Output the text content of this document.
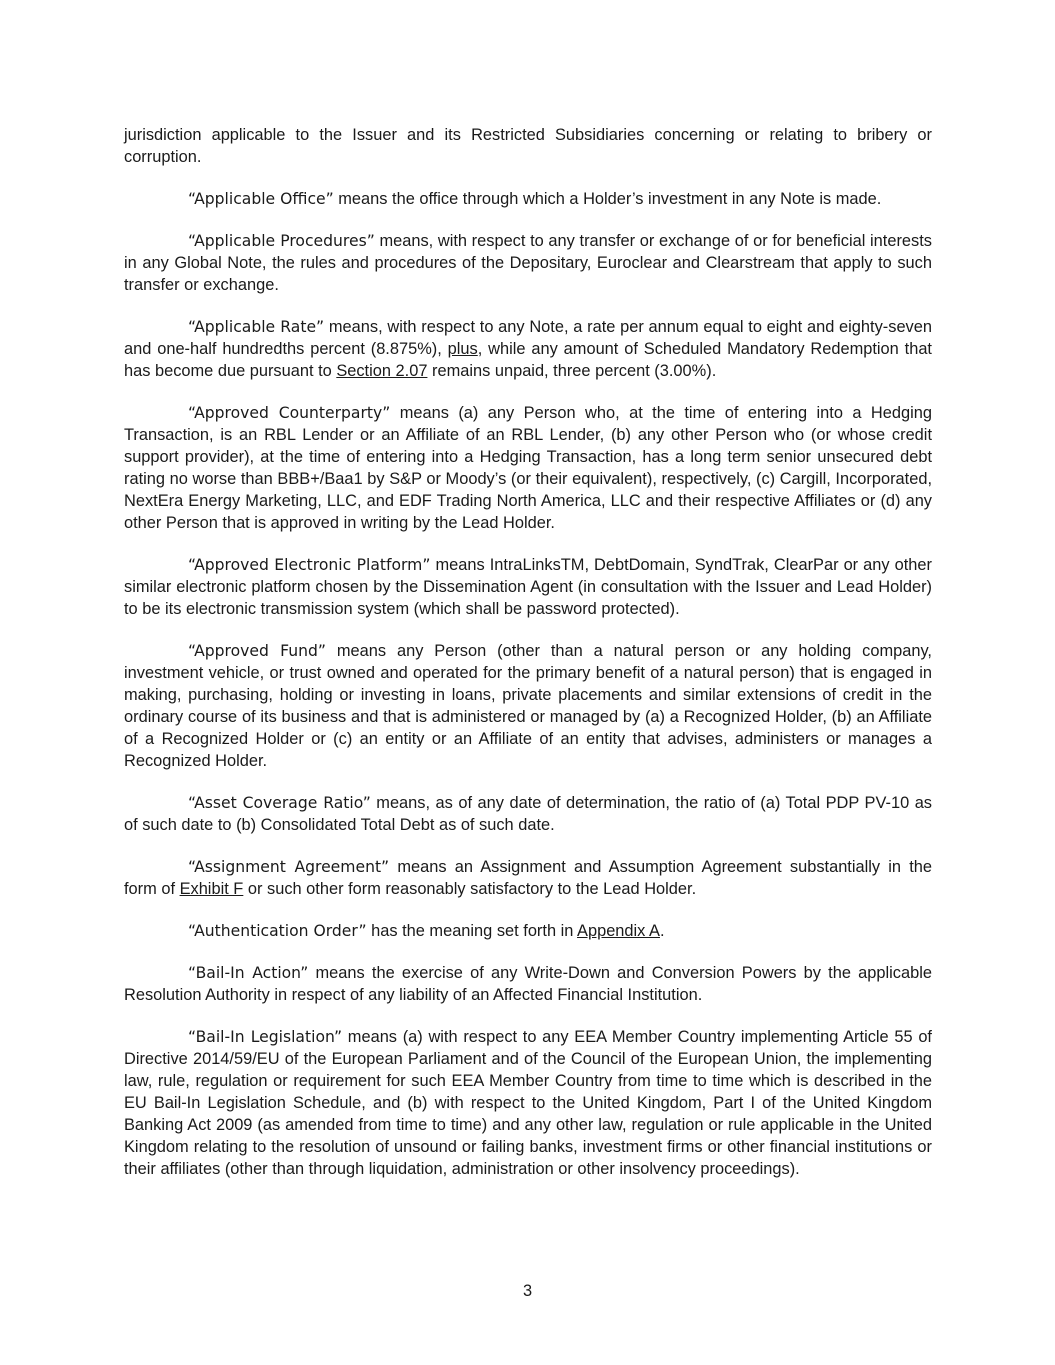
jurisdiction applicable to the Issuer and its Restricted Subsidiaries concerning or relating to bribery or corruption.

“Applicable Office” means the office through which a Holder’s investment in any Note is made.

“Applicable Procedures” means, with respect to any transfer or exchange of or for beneficial interests in any Global Note, the rules and procedures of the Depositary, Euroclear and Clearstream that apply to such transfer or exchange.

“Applicable Rate” means, with respect to any Note, a rate per annum equal to eight and eighty-seven and one-half hundredths percent (8.875%), plus, while any amount of Scheduled Mandatory Redemption that has become due pursuant to Section 2.07 remains unpaid, three percent (3.00%).

“Approved Counterparty” means (a) any Person who, at the time of entering into a Hedging Transaction, is an RBL Lender or an Affiliate of an RBL Lender, (b) any other Person who (or whose credit support provider), at the time of entering into a Hedging Transaction, has a long term senior unsecured debt rating no worse than BBB+/Baa1 by S&P or Moody’s (or their equivalent), respectively, (c) Cargill, Incorporated, NextEra Energy Marketing, LLC, and EDF Trading North America, LLC and their respective Affiliates or (d) any other Person that is approved in writing by the Lead Holder.

“Approved Electronic Platform” means IntraLinksTM, DebtDomain, SyndTrak, ClearPar or any other similar electronic platform chosen by the Dissemination Agent (in consultation with the Issuer and Lead Holder) to be its electronic transmission system (which shall be password protected).

“Approved Fund” means any Person (other than a natural person or any holding company, investment vehicle, or trust owned and operated for the primary benefit of a natural person) that is engaged in making, purchasing, holding or investing in loans, private placements and similar extensions of credit in the ordinary course of its business and that is administered or managed by (a) a Recognized Holder, (b) an Affiliate of a Recognized Holder or (c) an entity or an Affiliate of an entity that advises, administers or manages a Recognized Holder.

“Asset Coverage Ratio” means, as of any date of determination, the ratio of (a) Total PDP PV-10 as of such date to (b) Consolidated Total Debt as of such date.

“Assignment Agreement” means an Assignment and Assumption Agreement substantially in the form of Exhibit F or such other form reasonably satisfactory to the Lead Holder.

“Authentication Order” has the meaning set forth in Appendix A.

“Bail-In Action” means the exercise of any Write-Down and Conversion Powers by the applicable Resolution Authority in respect of any liability of an Affected Financial Institution.

“Bail-In Legislation” means (a) with respect to any EEA Member Country implementing Article 55 of Directive 2014/59/EU of the European Parliament and of the Council of the European Union, the implementing law, rule, regulation or requirement for such EEA Member Country from time to time which is described in the EU Bail-In Legislation Schedule, and (b) with respect to the United Kingdom, Part I of the United Kingdom Banking Act 2009 (as amended from time to time) and any other law, regulation or rule applicable in the United Kingdom relating to the resolution of unsound or failing banks, investment firms or other financial institutions or their affiliates (other than through liquidation, administration or other insolvency proceedings).

3
